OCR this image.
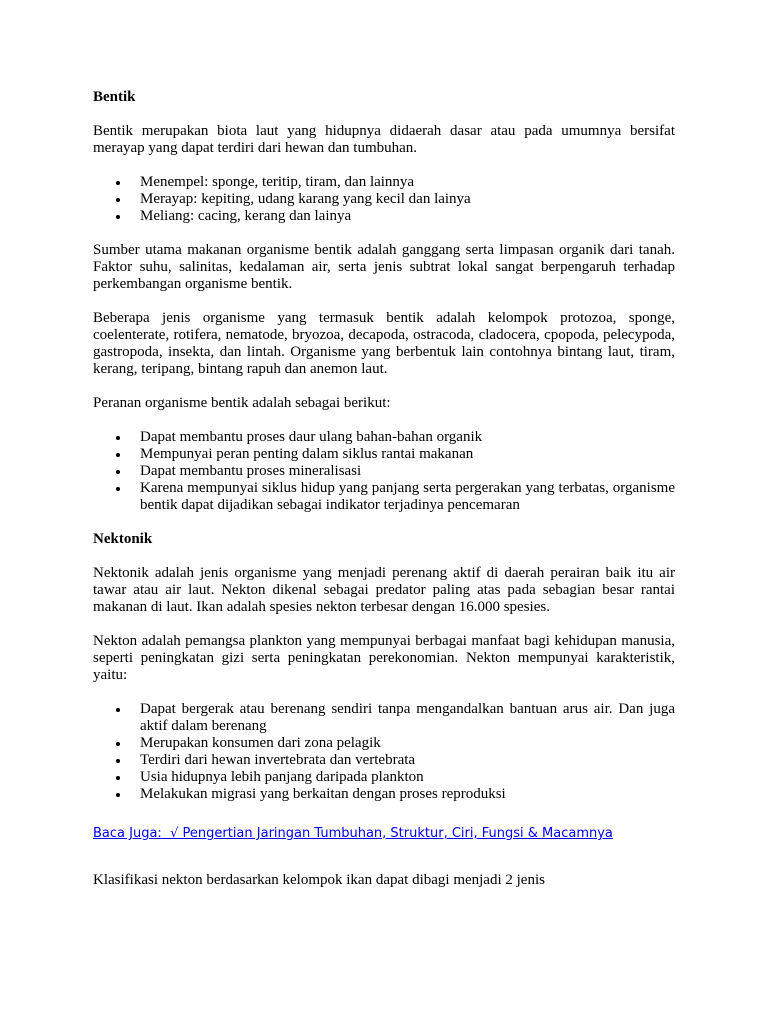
Bentik

Bentik merupakan biota laut yang hidupnya didaerah dasar atau pada umumnya bersifat merayap yang dapat terdiri dari hewan dan tumbuhan.

Menempel: sponge, teritip, tiram, dan lainnya
Merayap: kepiting, udang karang yang kecil dan lainya
Meliang: cacing, kerang dan lainya

Sumber utama makanan organisme bentik adalah ganggang serta limpasan organik dari tanah. Faktor suhu, salinitas, kedalaman air, serta jenis subtrat lokal sangat berpengaruh terhadap perkembangan organisme bentik.

Beberapa jenis organisme yang termasuk bentik adalah kelompok protozoa, sponge, coelenterate, rotifera, nematode, bryozoa, decapoda, ostracoda, cladocera, cpopoda, pelecypoda, gastropoda, insekta, dan lintah. Organisme yang berbentuk lain contohnya bintang laut, tiram, kerang, teripang, bintang rapuh dan anemon laut.

Peranan organisme bentik adalah sebagai berikut:

Dapat membantu proses daur ulang bahan-bahan organik
Mempunyai peran penting dalam siklus rantai makanan
Dapat membantu proses mineralisasi
Karena mempunyai siklus hidup yang panjang serta pergerakan yang terbatas, organisme bentik dapat dijadikan sebagai indikator terjadinya pencemaran
Nektonik

Nektonik adalah jenis organisme yang menjadi perenang aktif di daerah perairan baik itu air tawar atau air laut. Nekton dikenal sebagai predator paling atas pada sebagian besar rantai makanan di laut. Ikan adalah spesies nekton terbesar dengan 16.000 spesies.

Nekton adalah pemangsa plankton yang mempunyai berbagai manfaat bagi kehidupan manusia, seperti peningkatan gizi serta peningkatan perekonomian. Nekton mempunyai karakteristik, yaitu:

Dapat bergerak atau berenang sendiri tanpa mengandalkan bantuan arus air. Dan juga aktif dalam berenang
Merupakan konsumen dari zona pelagik
Terdiri dari hewan invertebrata dan vertebrata
Usia hidupnya lebih panjang daripada plankton
Melakukan migrasi yang berkaitan dengan proses reproduksi
Baca Juga: √ Pengertian Jaringan Tumbuhan, Struktur, Ciri, Fungsi & Macamnya

Klasifikasi nekton berdasarkan kelompok ikan dapat dibagi menjadi 2 jenis
